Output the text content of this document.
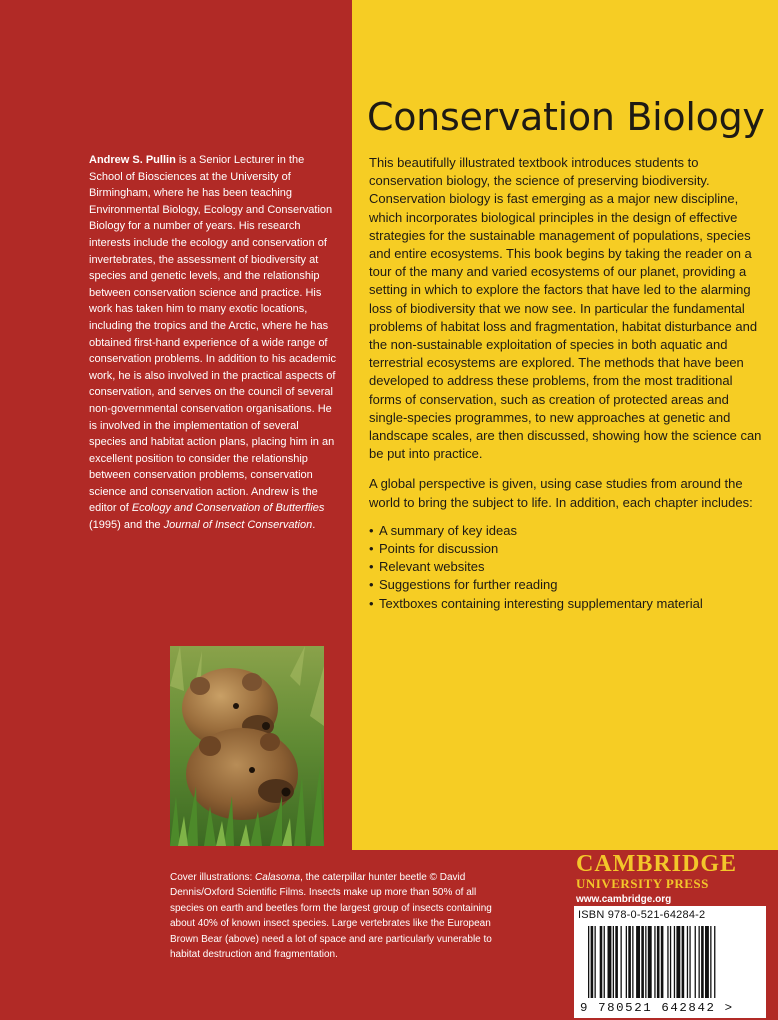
Conservation Biology

Andrew S. Pullin is a Senior Lecturer in the School of Biosciences at the University of Birmingham, where he has been teaching Environmental Biology, Ecology and Conservation Biology for a number of years. His research interests include the ecology and conservation of invertebrates, the assessment of biodiversity at species and genetic levels, and the relationship between conservation science and practice. His work has taken him to many exotic locations, including the tropics and the Arctic, where he has obtained first-hand experience of a wide range of conservation problems. In addition to his academic work, he is also involved in the practical aspects of conservation, and serves on the council of several non-governmental conservation organisations. He is involved in the implementation of several species and habitat action plans, placing him in an excellent position to consider the relationship between conservation problems, conservation science and conservation action. Andrew is the editor of Ecology and Conservation of Butterflies (1995) and the Journal of Insect Conservation.

This beautifully illustrated textbook introduces students to conservation biology, the science of preserving biodiversity. Conservation biology is fast emerging as a major new discipline, which incorporates biological principles in the design of effective strategies for the sustainable management of populations, species and entire ecosystems. This book begins by taking the reader on a tour of the many and varied ecosystems of our planet, providing a setting in which to explore the factors that have led to the alarming loss of biodiversity that we now see. In particular the fundamental problems of habitat loss and fragmentation, habitat disturbance and the non-sustainable exploitation of species in both aquatic and terrestrial ecosystems are explored. The methods that have been developed to address these problems, from the most traditional forms of conservation, such as creation of protected areas and single-species programmes, to new approaches at genetic and landscape scales, are then discussed, showing how the science can be put into practice.

A global perspective is given, using case studies from around the world to bring the subject to life. In addition, each chapter includes:

• A summary of key ideas
• Points for discussion
• Relevant websites
• Suggestions for further reading
• Textboxes containing interesting supplementary material

Cover illustrations: Calasoma, the caterpillar hunter beetle © David Dennis/Oxford Scientific Films. Insects make up more than 50% of all species on earth and beetles form the largest group of insects containing about 40% of known insect species. Large vertebrates like the European Brown Bear (above) need a lot of space and are particularly vunerable to habitat destruction and fragmentation.

CAMBRIDGE

UNIVERSITY PRESS

www.cambridge.org

ISBN 978-0-521-64284-2
9 780521 642842 >
